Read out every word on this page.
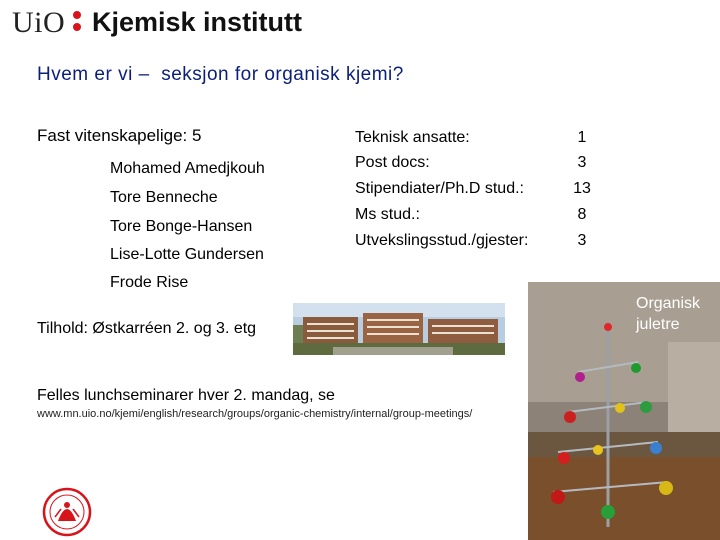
UiO Kjemisk institutt
Hvem er vi –  seksjon for organisk kjemi?
Fast vitenskapelige: 5
Mohamed Amedjkouh
Tore Benneche
Tore Bonge-Hansen
Lise-Lotte Gundersen
Frode Rise
Teknisk ansatte:	1
Post docs:	3
Stipendiater/Ph.D stud.:	13
Ms stud.:	8
Utvekslingsstud./gjester:	3
Tilhold: Østkarréen 2. og 3. etg
Felles lunchseminarer hver 2. mandag, se
www.mn.uio.no/kjemi/english/research/groups/organic-chemistry/internal/group-meetings/
Organisk
juletre
